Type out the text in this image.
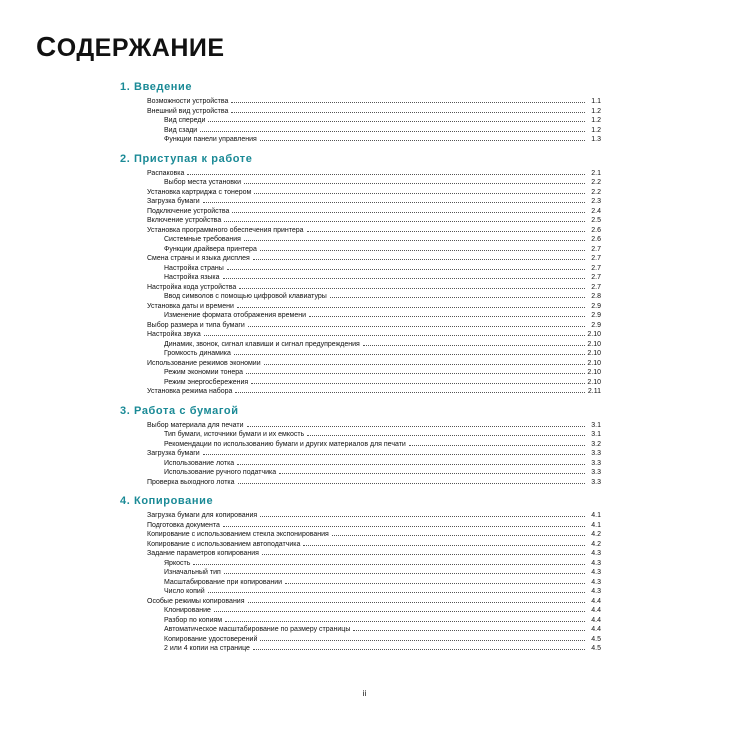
СОДЕРЖАНИЕ
1. Введение
Возможности устройства	1.1
Внешний вид устройства	1.2
Вид спереди	1.2
Вид сзади	1.2
Функции панели управления	1.3
2. Приступая к работе
Распаковка	2.1
Выбор места установки	2.2
Установка картриджа с тонером	2.2
Загрузка бумаги	2.3
Подключение устройства	2.4
Включение устройства	2.5
Установка программного обеспечения принтера	2.6
Системные требования	2.6
Функции драйвера принтера	2.7
Смена страны и языка дисплея	2.7
Настройка страны	2.7
Настройка языка	2.7
Настройка кода устройства	2.7
Ввод символов с помощью цифровой клавиатуры	2.8
Установка даты и времени	2.9
Изменение формата отображения времени	2.9
Выбор размера и типа бумаги	2.9
Настройка звука	2.10
Динамик, звонок, сигнал клавиши и сигнал предупреждения	2.10
Громкость динамика	2.10
Использование режимов экономии	2.10
Режим экономии тонера	2.10
Режим энергосбережения	2.10
Установка режима набора	2.11
3. Работа с бумагой
Выбор материала для печати	3.1
Тип бумаги, источники бумаги и их емкость	3.1
Рекомендации по использованию бумаги и других материалов для печати	3.2
Загрузка бумаги	3.3
Использование лотка	3.3
Использование ручного податчика	3.3
Проверка выходного лотка	3.3
4. Копирование
Загрузка бумаги для копирования	4.1
Подготовка документа	4.1
Копирование с использованием стекла экспонирования	4.2
Копирование с использованием автоподатчика	4.2
Задание параметров копирования	4.3
Яркость	4.3
Изначальный тип	4.3
Масштабирование при копировании	4.3
Число копий	4.3
Особые режимы копирования	4.4
Клонирование	4.4
Разбор по копиям	4.4
Автоматическое масштабирование по размеру страницы	4.4
Копирование удостоверений	4.5
2 или 4 копии на странице	4.5
ii
